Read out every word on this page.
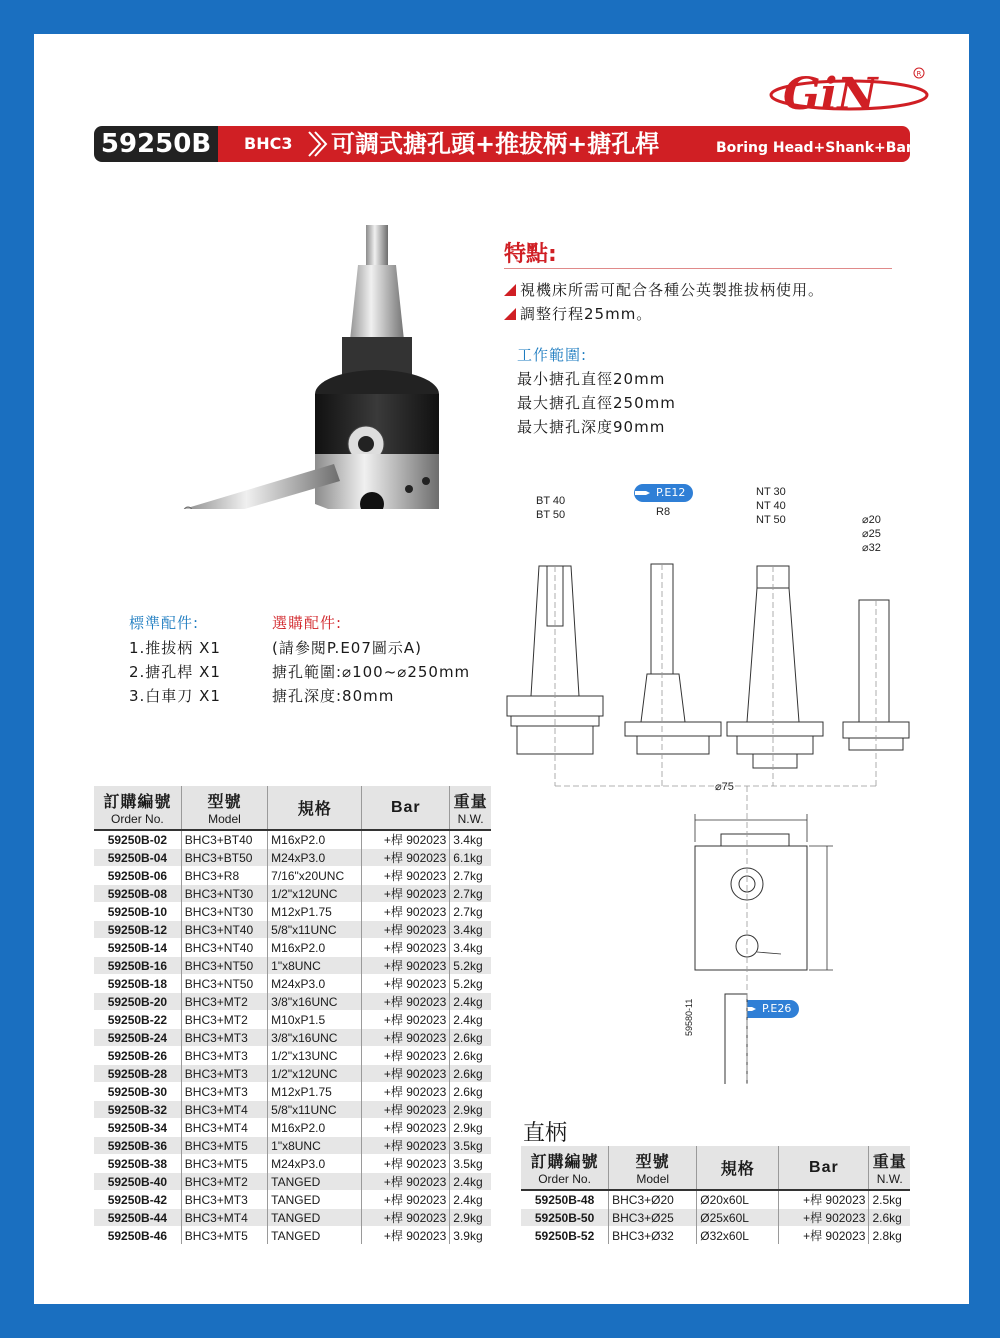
GiN	R
59250B	BHC3 可調式搪孔頭+推拔柄+搪孔桿	Boring Head+Shank+Bar
特點:
視機床所需可配合各種公英製推拔柄使用。
調整行程25mm。
工作範圍:
最小搪孔直徑20mm
最大搪孔直徑250mm
最大搪孔深度90mm
標準配件:
1.推拔柄 X1
2.搪孔桿 X1
3.白車刀 X1
選購配件:
(請參閱P.E07圖示A)
搪孔範圍:⌀100~⌀250mm
搪孔深度:80mm
BT 40
BT 50	R8
NT 30
NT 40
NT 50	⌀20
⌀25
⌀32
P.E12
P.E26
⌀75
59580-11
訂購編號
Order No.	型號
Model	規格	Bar	重量
N.W.

59250B-02	BHC3+BT40	M16xP2.0	+桿 902023	3.4kg
59250B-04	BHC3+BT50	M24xP3.0	+桿 902023	6.1kg
59250B-06	BHC3+R8	7/16"x20UNC	+桿 902023	2.7kg
59250B-08	BHC3+NT30	1/2"x12UNC	+桿 902023	2.7kg
59250B-10	BHC3+NT30	M12xP1.75	+桿 902023	2.7kg
59250B-12	BHC3+NT40	5/8"x11UNC	+桿 902023	3.4kg
59250B-14	BHC3+NT40	M16xP2.0	+桿 902023	3.4kg
59250B-16	BHC3+NT50	1"x8UNC	+桿 902023	5.2kg
59250B-18	BHC3+NT50	M24xP3.0	+桿 902023	5.2kg
59250B-20	BHC3+MT2	3/8"x16UNC	+桿 902023	2.4kg
59250B-22	BHC3+MT2	M10xP1.5	+桿 902023	2.4kg
59250B-24	BHC3+MT3	3/8"x16UNC	+桿 902023	2.6kg
59250B-26	BHC3+MT3	1/2"x13UNC	+桿 902023	2.6kg
59250B-28	BHC3+MT3	1/2"x12UNC	+桿 902023	2.6kg
59250B-30	BHC3+MT3	M12xP1.75	+桿 902023	2.6kg
59250B-32	BHC3+MT4	5/8"x11UNC	+桿 902023	2.9kg
59250B-34	BHC3+MT4	M16xP2.0	+桿 902023	2.9kg
59250B-36	BHC3+MT5	1"x8UNC	+桿 902023	3.5kg
59250B-38	BHC3+MT5	M24xP3.0	+桿 902023	3.5kg
59250B-40	BHC3+MT2	TANGED	+桿 902023	2.4kg
59250B-42	BHC3+MT3	TANGED	+桿 902023	2.4kg
59250B-44	BHC3+MT4	TANGED	+桿 902023	2.9kg
59250B-46	BHC3+MT5	TANGED	+桿 902023	3.9kg
直柄
訂購編號
Order No.	型號
Model	規格	Bar	重量
N.W.

59250B-48	BHC3+Ø20	Ø20x60L	+桿 902023	2.5kg
59250B-50	BHC3+Ø25	Ø25x60L	+桿 902023	2.6kg
59250B-52	BHC3+Ø32	Ø32x60L	+桿 902023	2.8kg
